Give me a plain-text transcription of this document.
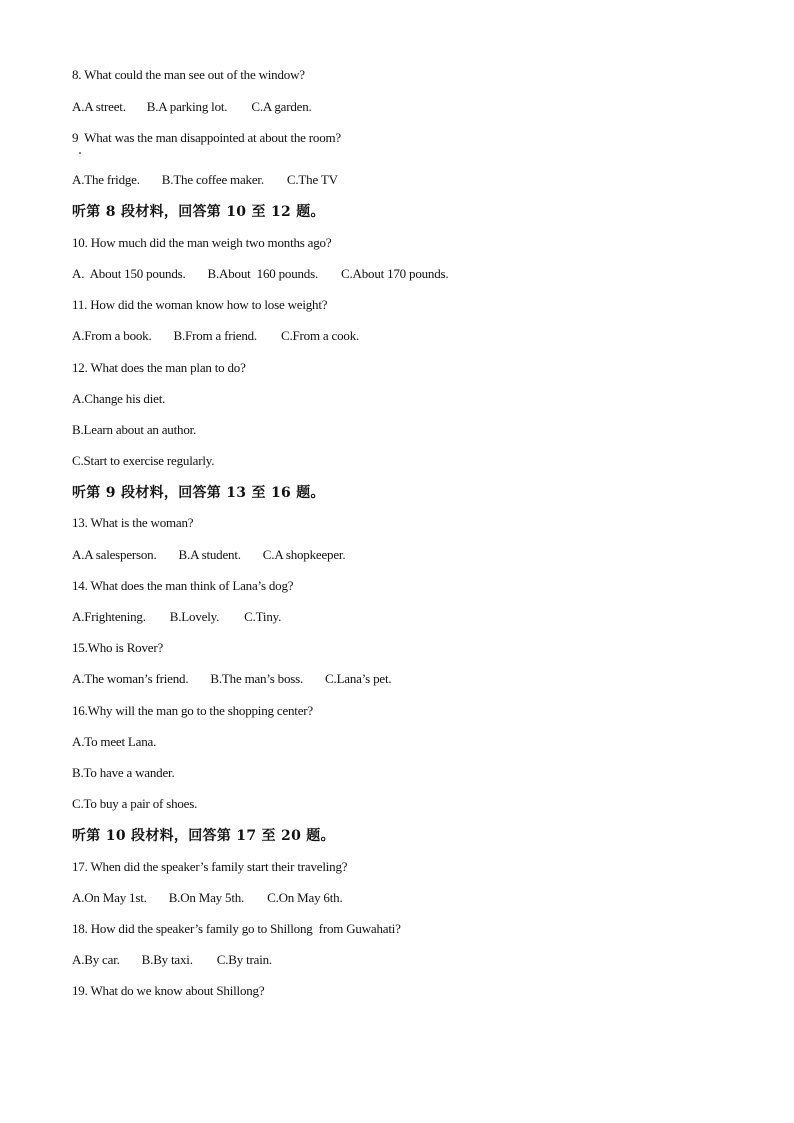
8. What could the man see out of the window?
A.A street. B.A parking lot. C.A garden.
9  What was the man disappointed at about the room?
A.The fridge. B.The coffee maker. C.The TV
听第 8 段材料，回答第 10 至 12 题。
10. How much did the man weigh two months ago?
A.  About 150 pounds. B.About  160 pounds. C.About 170 pounds.
11. How did the woman know how to lose weight?
A.From a book. B.From a friend. C.From a cook.
12. What does the man plan to do?
A.Change his diet.
B.Learn about an author.
C.Start to exercise regularly.
听第 9 段材料，回答第 13 至 16 题。
13. What is the woman?
A.A salesperson. B.A student. C.A shopkeeper.
14. What does the man think of Lana’s dog?
A.Frightening. B.Lovely. C.Tiny.
15.Who is Rover?
A.The woman’s friend. B.The man’s boss. C.Lana’s pet.
16.Why will the man go to the shopping center?
A.To meet Lana.
B.To have a wander.
C.To buy a pair of shoes.
听第 10 段材料，回答第 17 至 20 题。
17. When did the speaker’s family start their traveling?
A.On May 1st. B.On May 5th. C.On May 6th.
18. How did the speaker’s family go to Shillong  from Guwahati?
A.By car. B.By taxi. C.By train.
19. What do we know about Shillong?
